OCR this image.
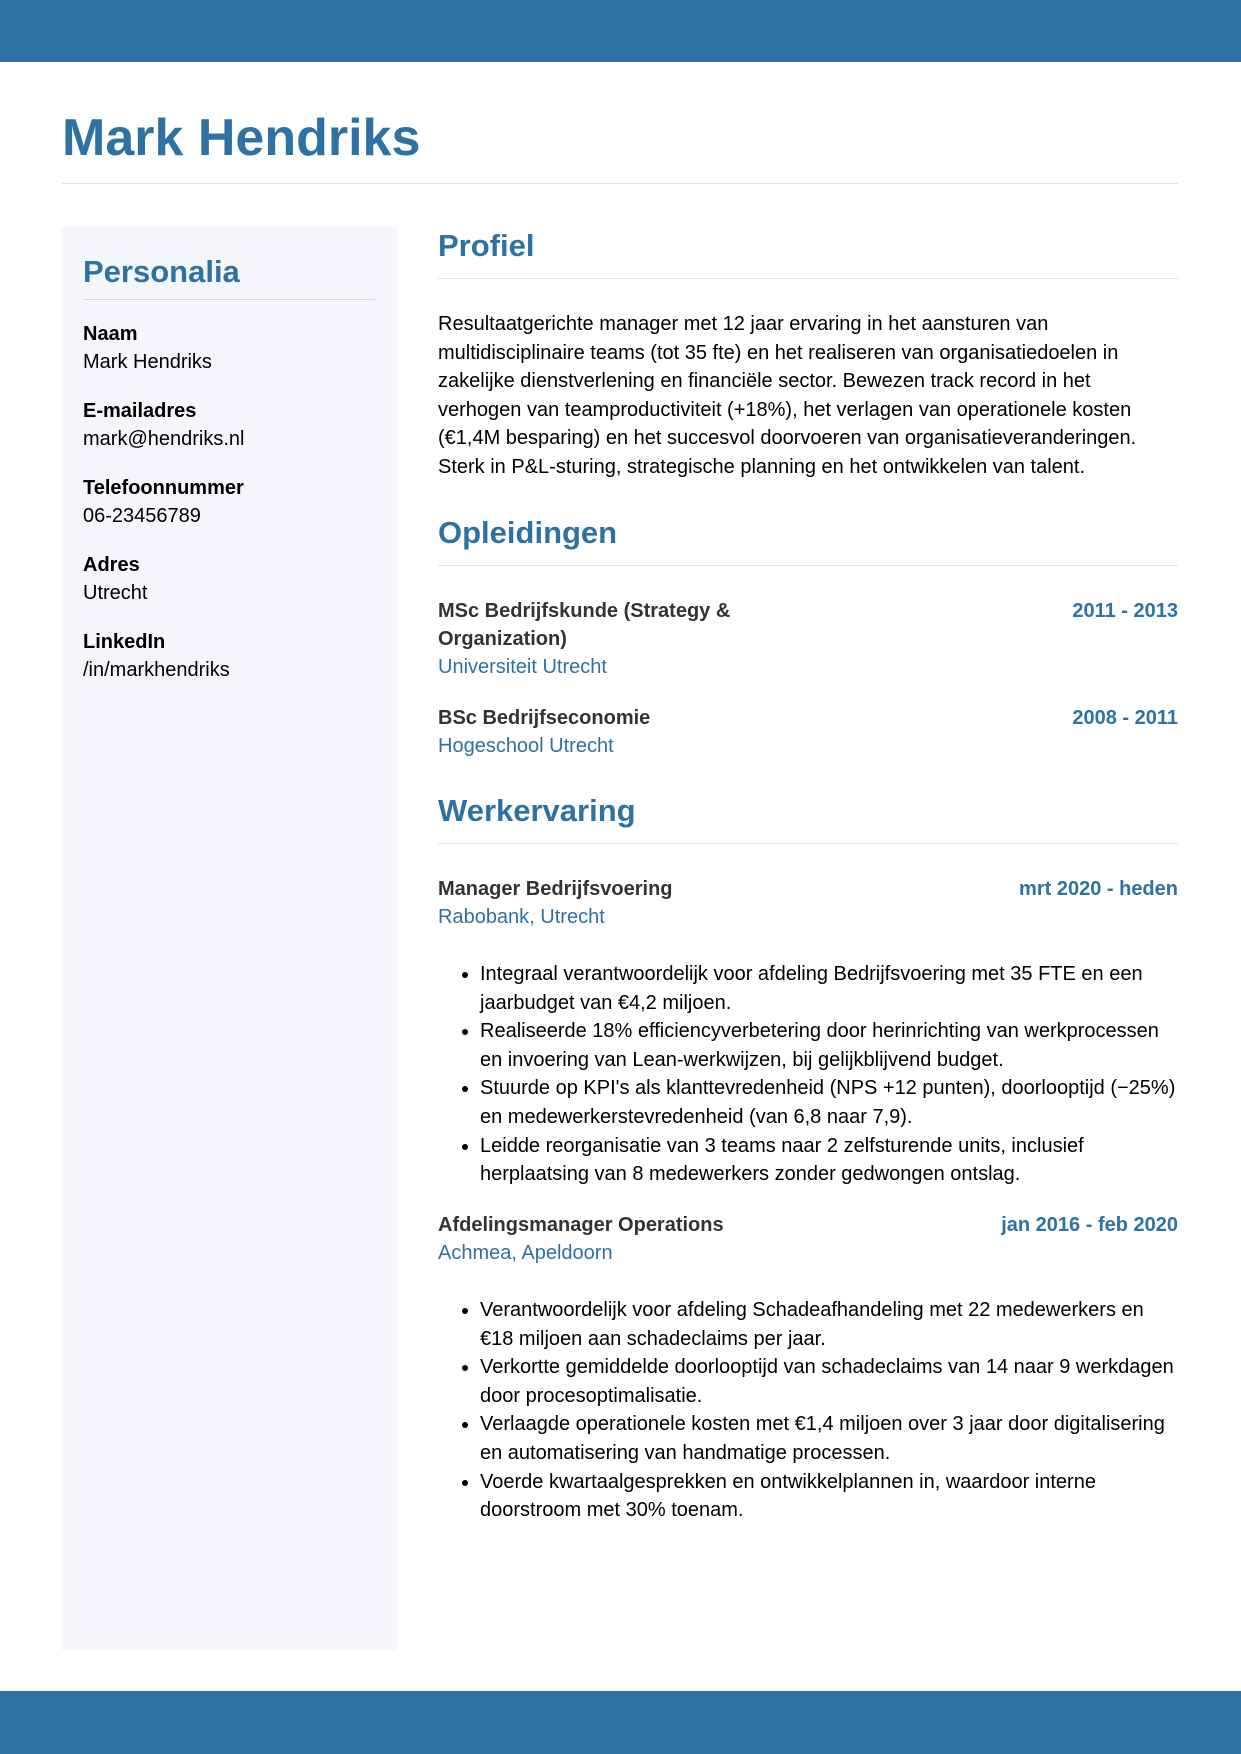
Mark Hendriks
Personalia
Naam
Mark Hendriks
E-mailadres
mark@hendriks.nl
Telefoonnummer
06-23456789
Adres
Utrecht
LinkedIn
/in/markhendriks
Profiel

Resultaatgerichte manager met 12 jaar ervaring in het aansturen van multidisciplinaire teams (tot 35 fte) en het realiseren van organisatiedoelen in zakelijke dienstverlening en financiële sector. Bewezen track record in het verhogen van teamproductiviteit (+18%), het verlagen van operationele kosten (€1,4M besparing) en het succesvol doorvoeren van organisatieveranderingen. Sterk in P&L-sturing, strategische planning en het ontwikkelen van talent.

Opleidingen
MSc Bedrijfskunde (Strategy & Organization)
2011 - 2013
Universiteit Utrecht
BSc Bedrijfseconomie	2008 - 2011
Hogeschool Utrecht
Werkervaring
Manager Bedrijfsvoering	mrt 2020 - heden
Rabobank, Utrecht
• Integraal verantwoordelijk voor afdeling Bedrijfsvoering met 35 FTE en een jaarbudget van €4,2 miljoen.
• Realiseerde 18% efficiencyverbetering door herinrichting van werkprocessen en invoering van Lean-werkwijzen, bij gelijkblijvend budget.
• Stuurde op KPI's als klanttevredenheid (NPS +12 punten), doorlooptijd (−25%) en medewerkerstevredenheid (van 6,8 naar 7,9).
• Leidde reorganisatie van 3 teams naar 2 zelfsturende units, inclusief herplaatsing van 8 medewerkers zonder gedwongen ontslag.
Afdelingsmanager Operations	jan 2016 - feb 2020
Achmea, Apeldoorn
• Verantwoordelijk voor afdeling Schadeafhandeling met 22 medewerkers en €18 miljoen aan schadeclaims per jaar.
• Verkortte gemiddelde doorlooptijd van schadeclaims van 14 naar 9 werkdagen door procesoptimalisatie.
• Verlaagde operationele kosten met €1,4 miljoen over 3 jaar door digitalisering en automatisering van handmatige processen.
• Voerde kwartaalgesprekken en ontwikkelplannen in, waardoor interne doorstroom met 30% toenam.
